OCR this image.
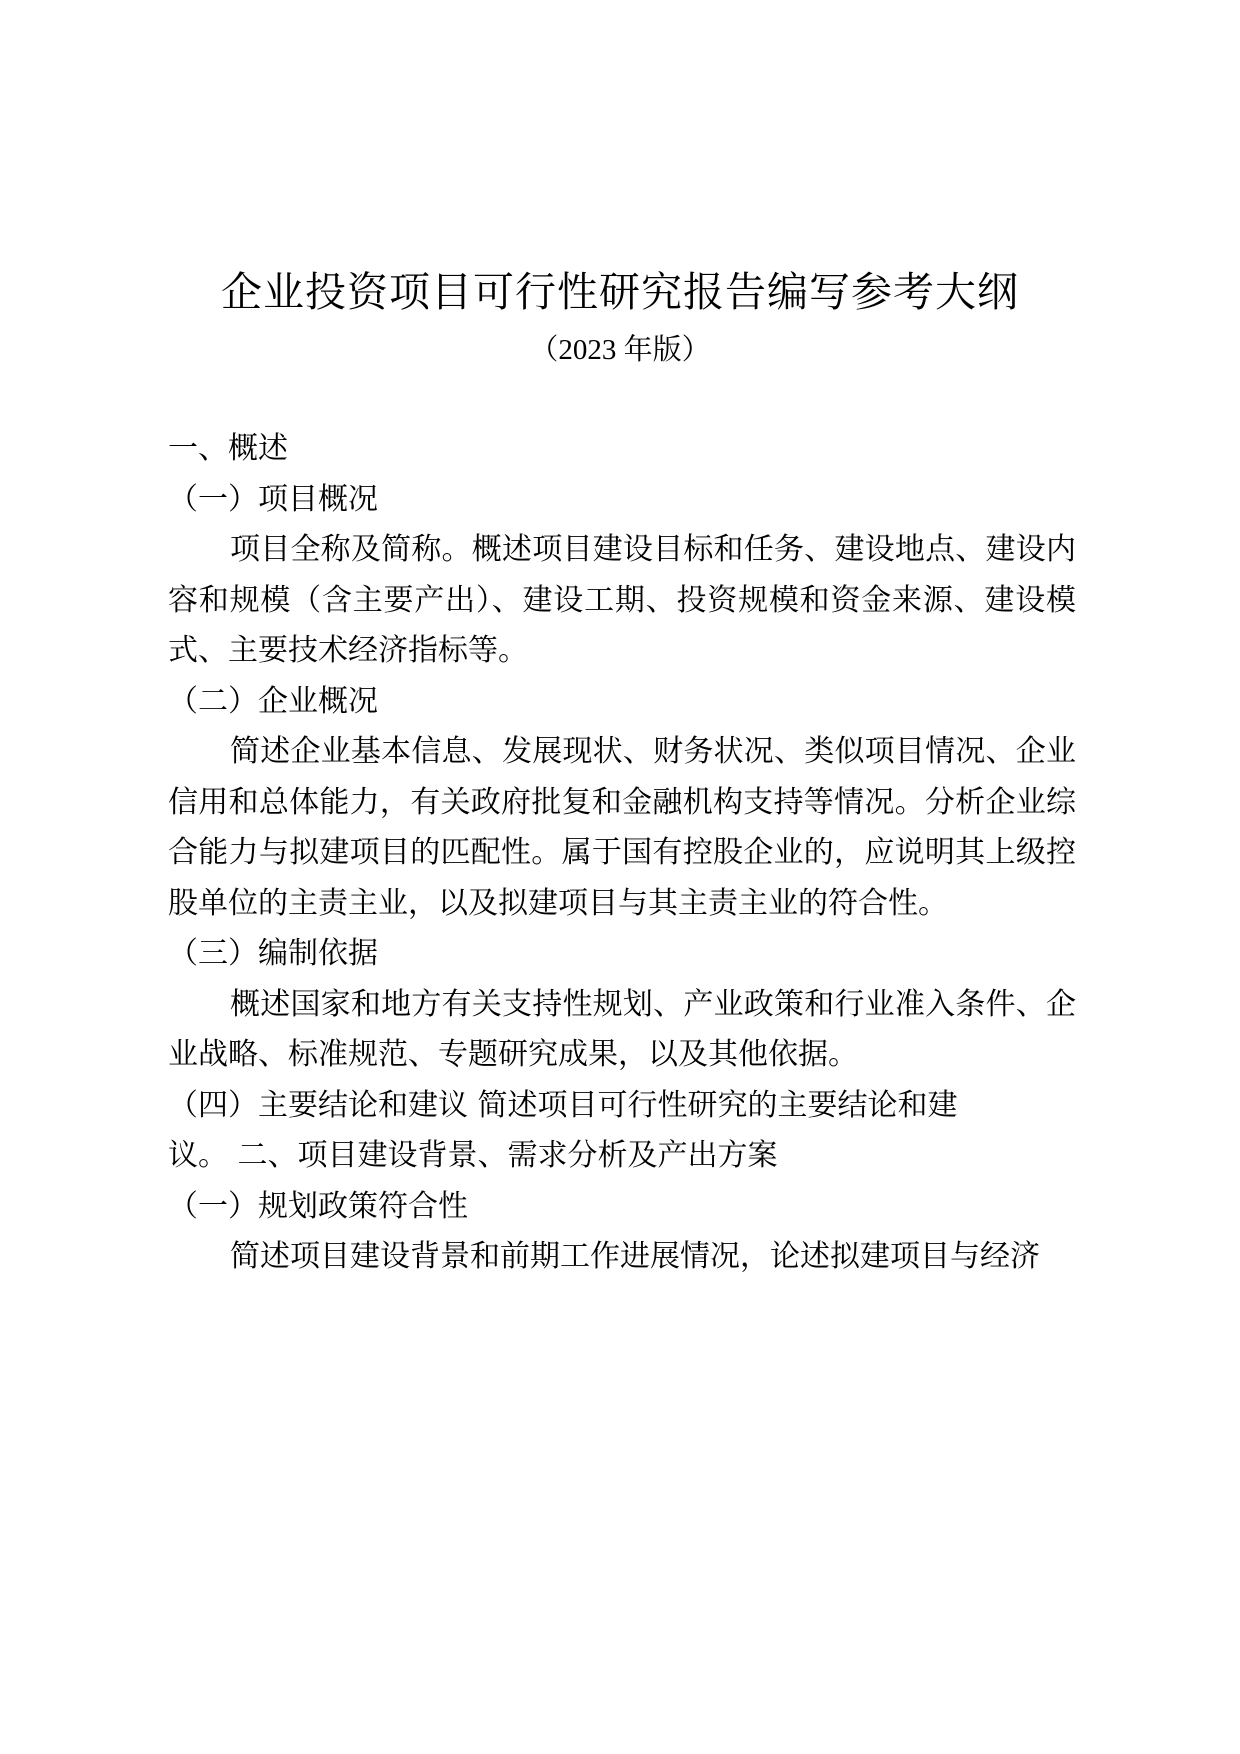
企业投资项目可行性研究报告编写参考大纲
（2023 年版）

一、概述

（一）项目概况

项目全称及简称。概述项目建设目标和任务、建设地点、建设内容和规模（含主要产出）、建设工期、投资规模和资金来源、建设模式、主要技术经济指标等。

（二）企业概况

简述企业基本信息、发展现状、财务状况、类似项目情况、企业信用和总体能力，有关政府批复和金融机构支持等情况。分析企业综合能力与拟建项目的匹配性。属于国有控股企业的，应说明其上级控股单位的主责主业，以及拟建项目与其主责主业的符合性。

（三）编制依据

概述国家和地方有关支持性规划、产业政策和行业准入条件、企业战略、标准规范、专题研究成果，以及其他依据。

（四）主要结论和建议 简述项目可行性研究的主要结论和建

议。 二、项目建设背景、需求分析及产出方案

（一）规划政策符合性

简述项目建设背景和前期工作进展情况，论述拟建项目与经济
